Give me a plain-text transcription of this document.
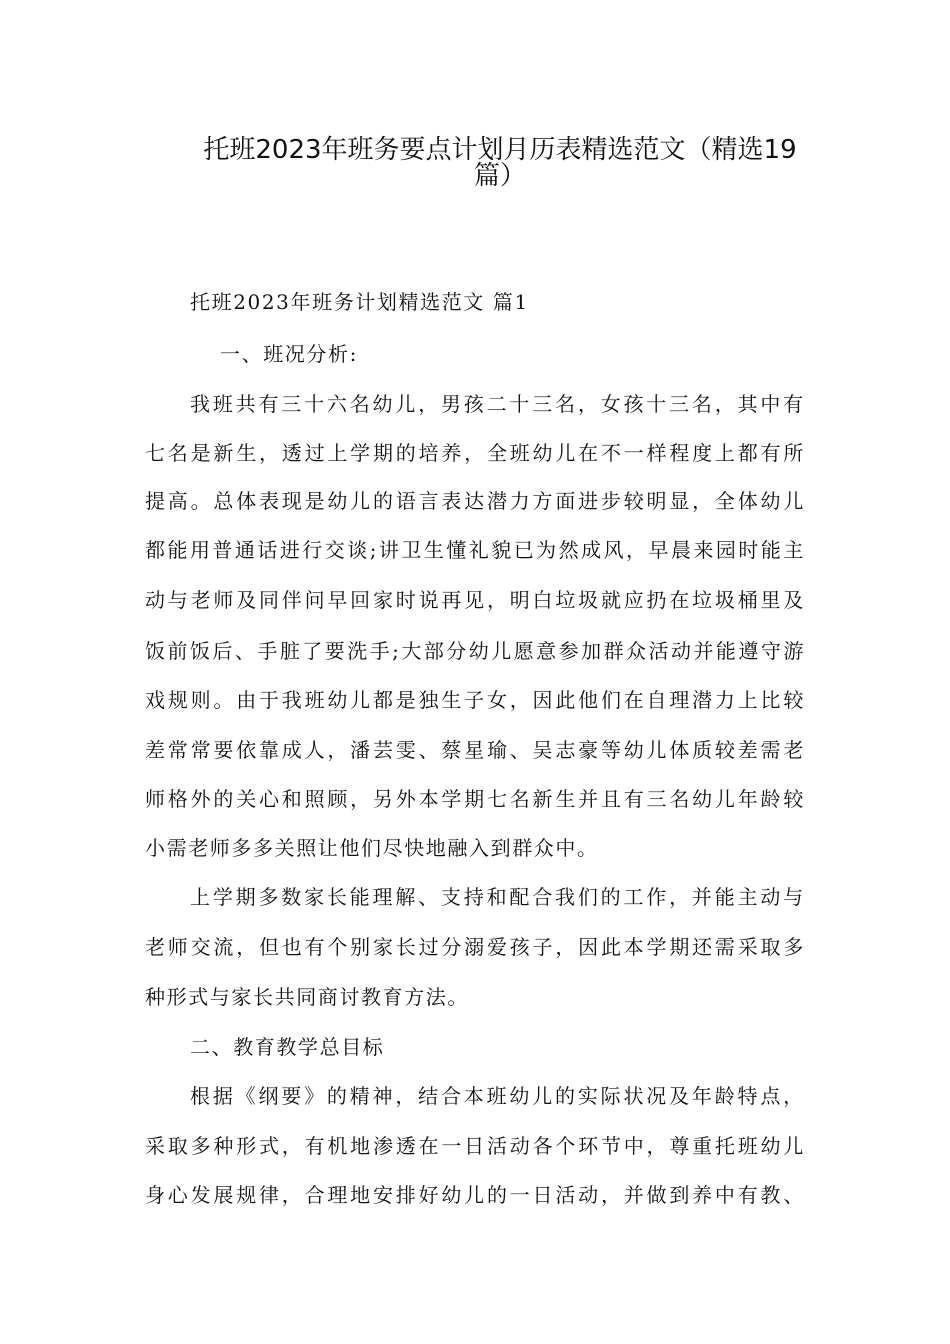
托班2023年班务要点计划月历表精选范文（精选19
篇）
托班2023年班务计划精选范文 篇1
一、班况分析:
我 班 共 有 三 十 六 名 幼 儿 ， 男 孩 二 十 三 名 ， 女 孩 十 三 名 ， 其 中 有
七 名 是 新 生 ， 透 过 上 学 期 的 培 养 ， 全 班 幼 儿 在 不 一 样 程 度 上 都 有 所
提 高 。 总 体 表 现 是 幼 儿 的 语 言 表 达 潜 力 方 面 进 步 较 明 显 ， 全 体 幼 儿
都 能 用 普 通 话 进 行 交 谈 ; 讲 卫 生 懂 礼 貌 已 为 然 成 风 ， 早 晨 来 园 时 能 主
动 与 老 师 及 同 伴 问 早 回 家 时 说 再 见 ， 明 白 垃 圾 就 应 扔 在 垃 圾 桶 里 及
饭 前 饭 后 、 手 脏 了 要 洗 手 ; 大 部 分 幼 儿 愿 意 参 加 群 众 活 动 并 能 遵 守 游
戏 规 则 。 由 于 我 班 幼 儿 都 是 独 生 子 女 ， 因 此 他 们 在 自 理 潜 力 上 比 较
差 常 常 要 依 靠 成 人 ， 潘 芸 雯 、 蔡 星 瑜 、 吴 志 豪 等 幼 儿 体 质 较 差 需 老
师 格 外 的 关 心 和 照 顾 ， 另 外 本 学 期 七 名 新 生 并 且 有 三 名 幼 儿 年 龄 较
小需老师多多关照让他们尽快地融入到群众中。
上 学 期 多 数 家 长 能 理 解 、 支 持 和 配 合 我 们 的 工 作 ， 并 能 主 动 与
老 师 交 流 ， 但 也 有 个 别 家 长 过 分 溺 爱 孩 子 ， 因 此 本 学 期 还 需 采 取 多
种形式与家长共同商讨教育方法。
二、教育教学总目标
根 据 《 纲 要 》 的 精 神 ， 结 合 本 班 幼 儿 的 实 际 状 况 及 年 龄 特 点 ，
采 取 多 种 形 式 ， 有 机 地 渗 透 在 一 日 活 动 各 个 环 节 中 ， 尊 重 托 班 幼 儿
身 心 发 展 规 律 ， 合 理 地 安 排 好 幼 儿 的 一 日 活 动 ， 并 做 到 养 中 有 教 、
